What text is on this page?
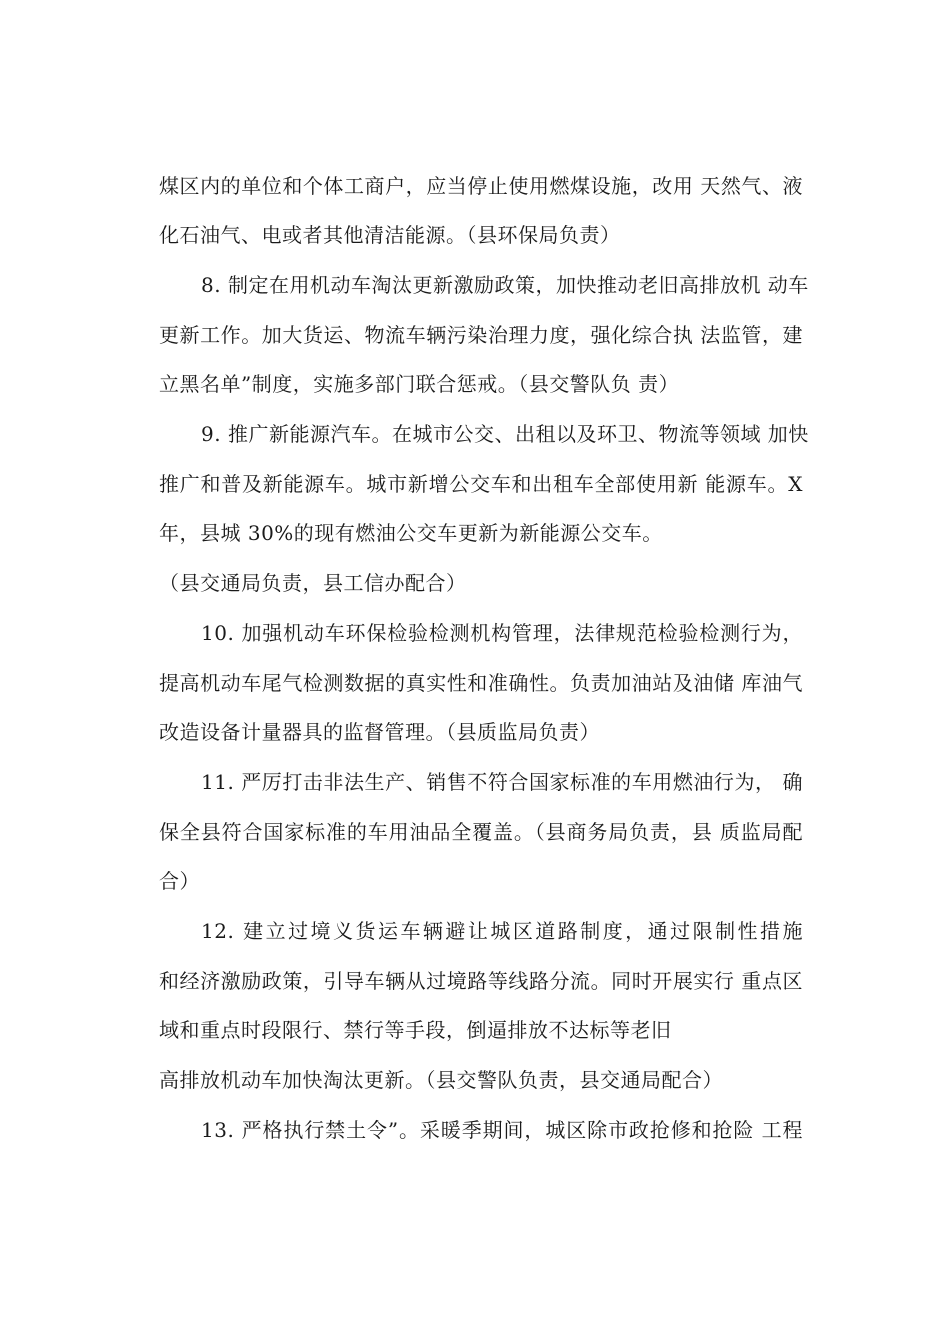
煤区内的单位和个体工商户，应当停止使用燃煤设施，改用 天然气、液
化石油气、电或者其他清洁能源。（县环保局负责）
8. 制定在用机动车淘汰更新激励政策，加快推动老旧高排放机 动车
更新工作。加大货运、物流车辆污染治理力度，强化综合执 法监管，建
立黑名单”制度，实施多部门联合惩戒。（县交警队负 责）
9. 推广新能源汽车。在城市公交、出租以及环卫、物流等领域 加快
推广和普及新能源车。城市新增公交车和出租车全部使用新 能源车。X
年，县城 30%的现有燃油公交车更新为新能源公交车。
（县交通局负责，县工信办配合）
10. 加强机动车环保检验检测机构管理，法律规范检验检测行为，
提高机动车尾气检测数据的真实性和准确性。负责加油站及油储 库油气
改造设备计量器具的监督管理。（县质监局负责）
11. 严厉打击非法生产、销售不符合国家标准的车用燃油行为， 确
保全县符合国家标准的车用油品全覆盖。（县商务局负责，县 质监局配
合）
12. 建立过境义货运车辆避让城区道路制度，通过限制性措施
和经济激励政策，引导车辆从过境路等线路分流。同时开展实行 重点区
域和重点时段限行、禁行等手段，倒逼排放不达标等老旧
高排放机动车加快淘汰更新。（县交警队负责，县交通局配合）
13. 严格执行禁土令”。采暖季期间，城区除市政抢修和抢险 工程
